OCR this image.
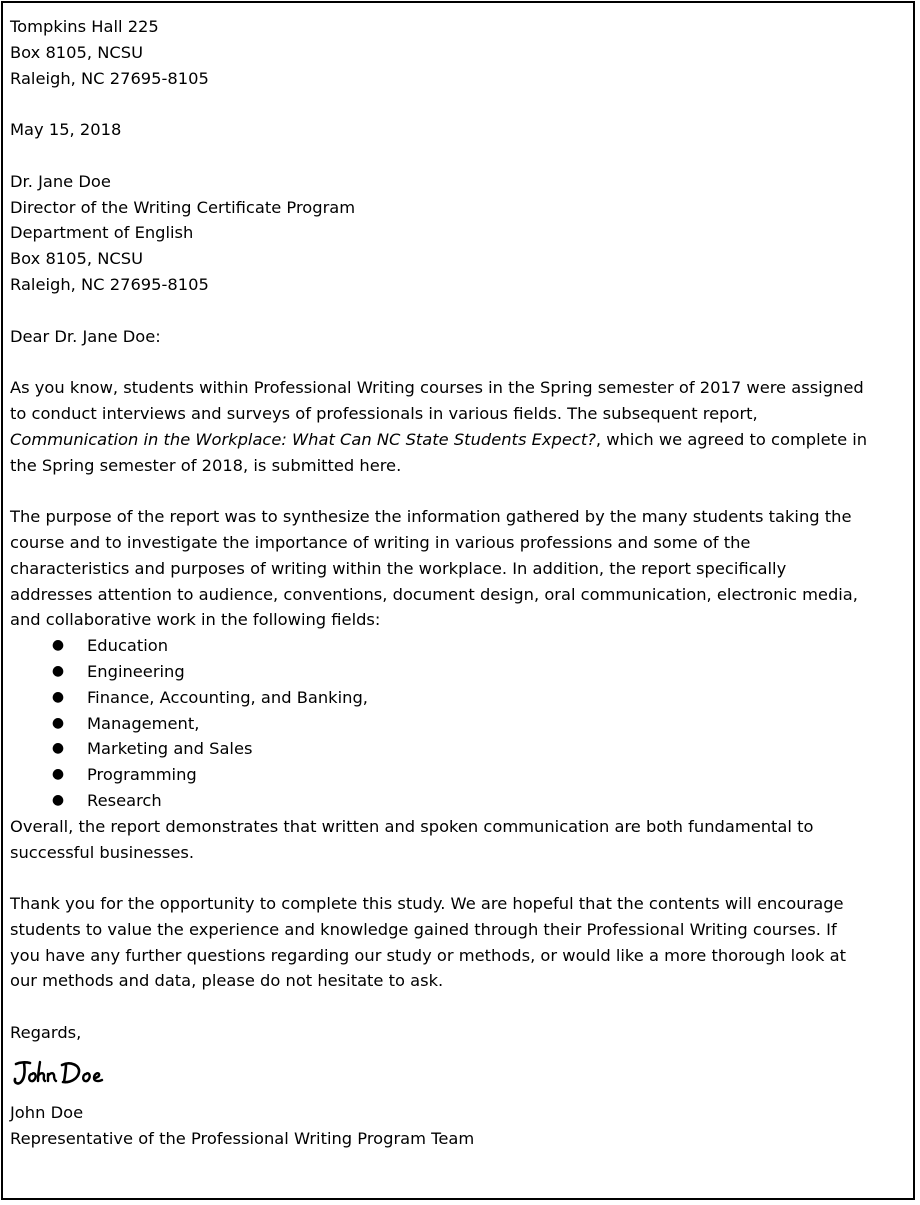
Tompkins Hall 225
Box 8105, NCSU
Raleigh, NC 27695-8105
May 15, 2018
Dr. Jane Doe
Director of the Writing Certificate Program
Department of English
Box 8105, NCSU
Raleigh, NC 27695-8105
Dear Dr. Jane Doe:

As you know, students within Professional Writing courses in the Spring semester of 2017 were assigned
to conduct interviews and surveys of professionals in various fields. The subsequent report,
Communication in the Workplace: What Can NC State Students Expect?, which we agreed to complete in
the Spring semester of 2018, is submitted here.

The purpose of the report was to synthesize the information gathered by the many students taking the
course and to investigate the importance of writing in various professions and some of the
characteristics and purposes of writing within the workplace. In addition, the report specifically
addresses attention to audience, conventions, document design, oral communication, electronic media,
and collaborative work in the following fields:

● Education
● Engineering
● Finance, Accounting, and Banking,
● Management,
● Marketing and Sales
● Programming
● Research

Overall, the report demonstrates that written and spoken communication are both fundamental to
successful businesses.

Thank you for the opportunity to complete this study. We are hopeful that the contents will encourage
students to value the experience and knowledge gained through their Professional Writing courses. If
you have any further questions regarding our study or methods, or would like a more thorough look at
our methods and data, please do not hesitate to ask.

Regards,
John Doe
Representative of the Professional Writing Program Team
